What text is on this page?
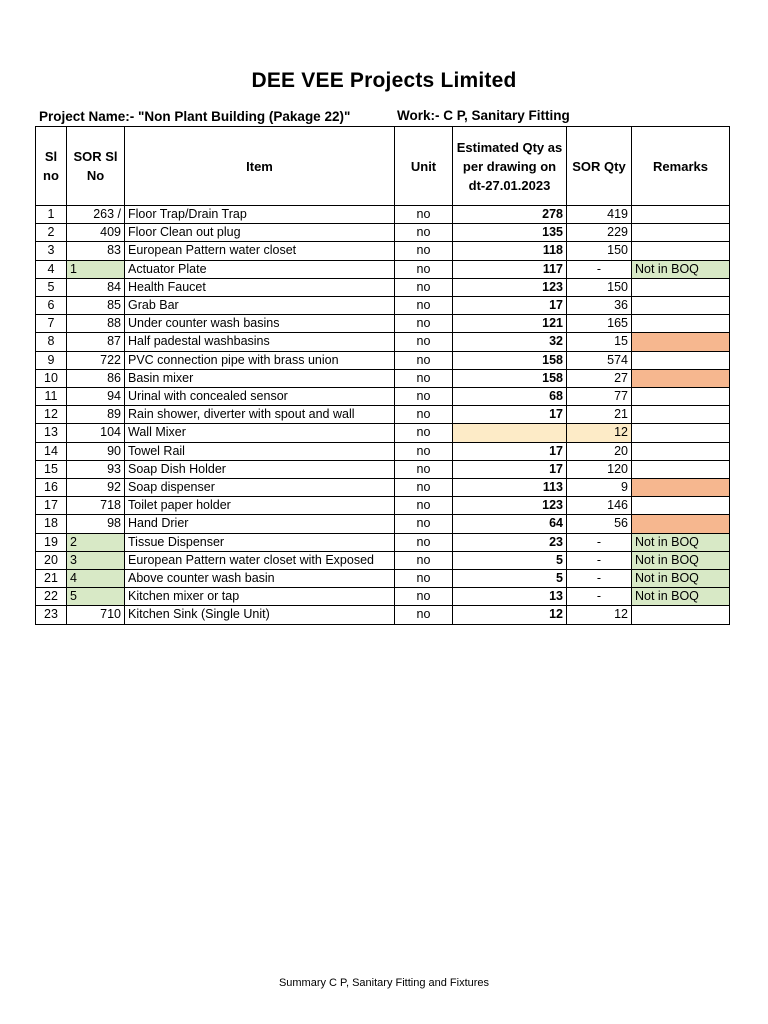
DEE VEE Projects Limited
Project Name:- "Non Plant Building (Pakage 22)"	Work:- C P, Sanitary Fitting
Sl no	SOR Sl No	Item	Unit	Estimated Qty as per drawing on dt-27.01.2023	SOR Qty	Remarks
1	263 /	Floor Trap/Drain Trap	no	278	419	
2	409	Floor Clean out plug	no	135	229	
3	83	European Pattern water closet	no	118	150	
4	1	Actuator Plate	no	117	-	Not in BOQ
5	84	Health Faucet	no	123	150	
6	85	Grab Bar	no	17	36	
7	88	Under counter wash basins	no	121	165	
8	87	Half padestal washbasins	no	32	15	
9	722	PVC connection pipe with brass union	no	158	574	
10	86	Basin mixer	no	158	27	
11	94	Urinal with concealed sensor	no	68	77	
12	89	Rain shower, diverter with spout and wall	no	17	21	
13	104	Wall Mixer	no		12	
14	90	Towel Rail	no	17	20	
15	93	Soap Dish Holder	no	17	120	
16	92	Soap dispenser	no	113	9	
17	718	Toilet paper holder	no	123	146	
18	98	Hand Drier	no	64	56	
19	2	Tissue Dispenser	no	23	-	Not in BOQ
20	3	European Pattern water closet with Exposed	no	5	-	Not in BOQ
21	4	Above counter wash basin	no	5	-	Not in BOQ
22	5	Kitchen mixer or tap	no	13	-	Not in BOQ
23	710	Kitchen Sink (Single Unit)	no	12	12	
Summary C P, Sanitary Fitting and Fixtures
